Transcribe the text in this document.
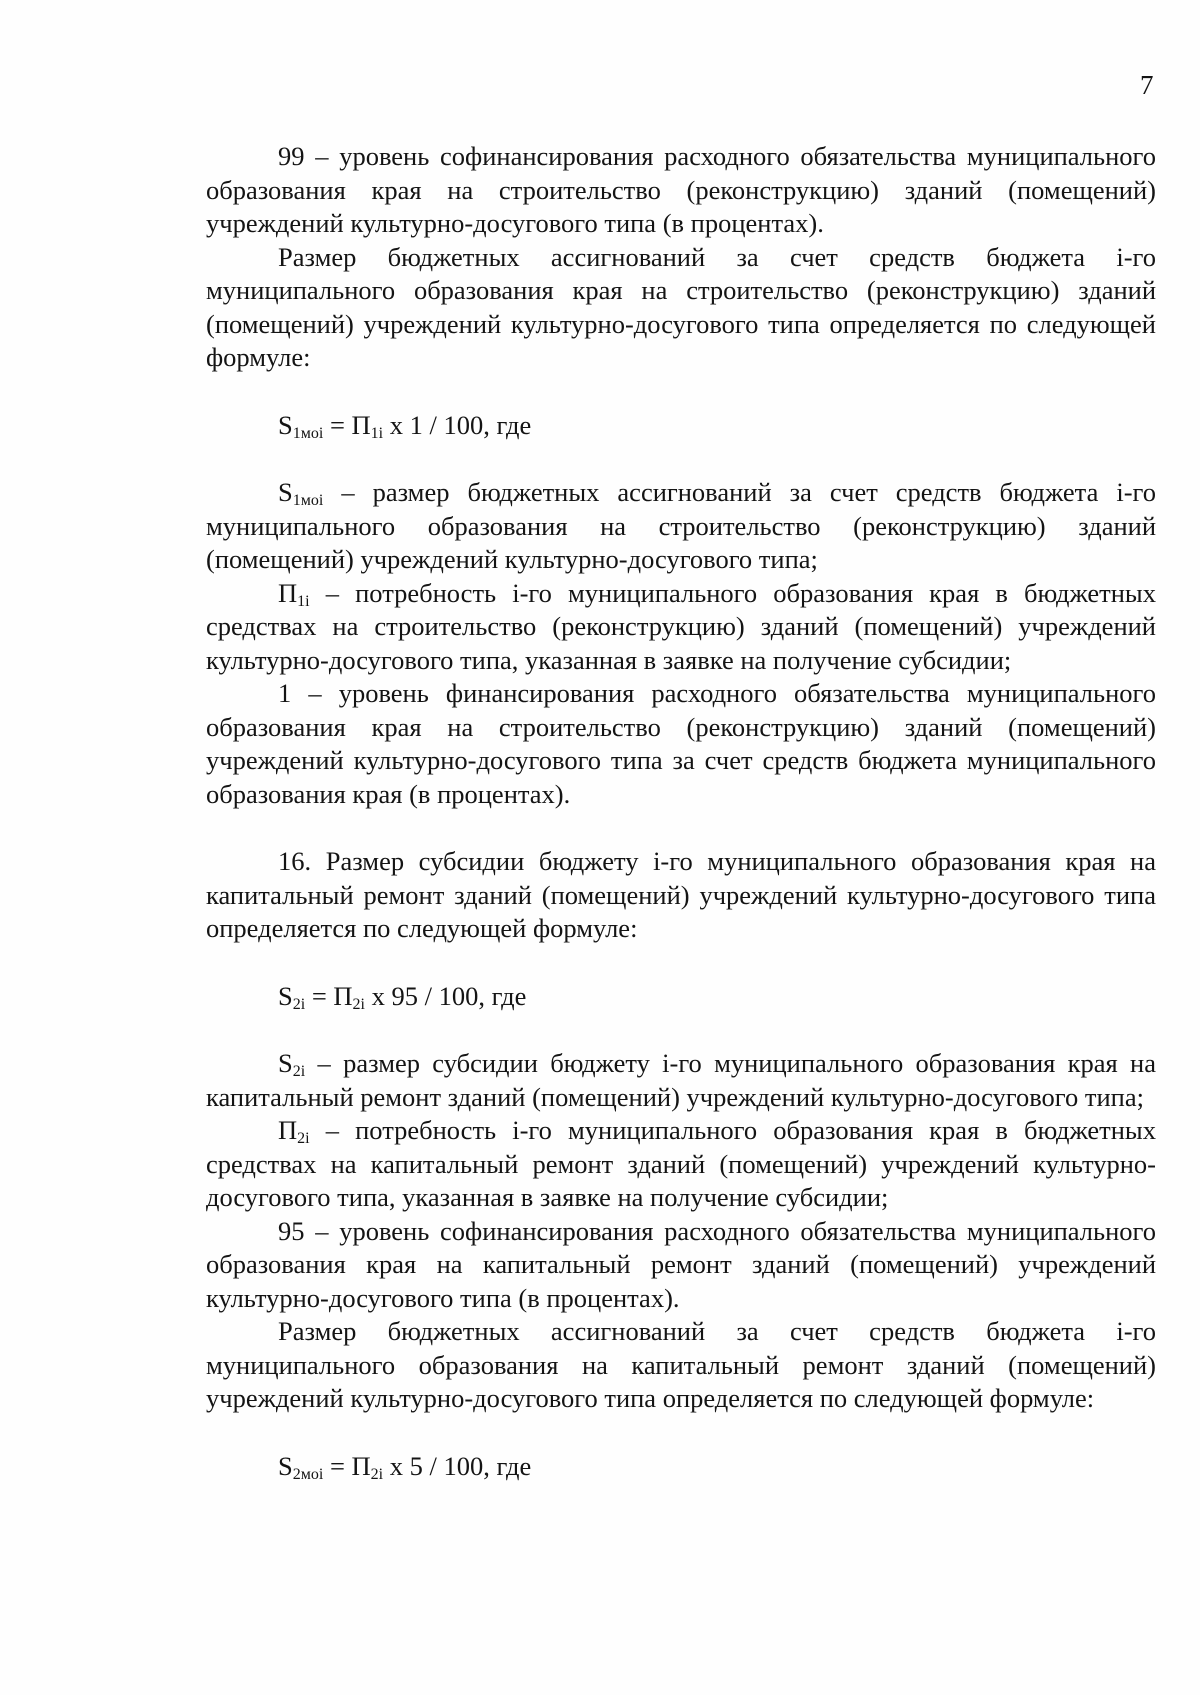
7

99 – уровень софинансирования расходного обязательства муниципального образования края на строительство (реконструкцию) зданий (помещений) учреждений культурно-досугового типа (в процентах).

Размер бюджетных ассигнований за счет средств бюджета i-го муниципального образования края на строительство (реконструкцию) зданий (помещений) учреждений культурно-досугового типа определяется по следующей формуле:

$S_{1моi} = П_{1i}$ х 1 / 100, где

$S_{1моi}$ – размер бюджетных ассигнований за счет средств бюджета i-го муниципального образования на строительство (реконструкцию) зданий (помещений) учреждений культурно-досугового типа;

$П_{1i}$ – потребность i-го муниципального образования края в бюджетных средствах на строительство (реконструкцию) зданий (помещений) учреждений культурно-досугового типа, указанная в заявке на получение субсидии;

1 – уровень финансирования расходного обязательства муниципального образования края на строительство (реконструкцию) зданий (помещений) учреждений культурно-досугового типа за счет средств бюджета муниципального образования края (в процентах).

16. Размер субсидии бюджету i-го муниципального образования края на капитальный ремонт зданий (помещений) учреждений культурно-досугового типа определяется по следующей формуле:

$S_{2i} = П_{2i}$ х 95 / 100, где

$S_{2i}$ – размер субсидии бюджету i-го муниципального образования края на капитальный ремонт зданий (помещений) учреждений культурно-досугового типа;

$П_{2i}$ – потребность i-го муниципального образования края в бюджетных средствах на капитальный ремонт зданий (помещений) учреждений культурно-досугового типа, указанная в заявке на получение субсидии;

95 – уровень софинансирования расходного обязательства муниципального образования края на капитальный ремонт зданий (помещений) учреждений культурно-досугового типа (в процентах).

Размер бюджетных ассигнований за счет средств бюджета i-го муниципального образования на капитальный ремонт зданий (помещений) учреждений культурно-досугового типа определяется по следующей формуле:

$S_{2моi} = П_{2i}$ х 5 / 100, где
